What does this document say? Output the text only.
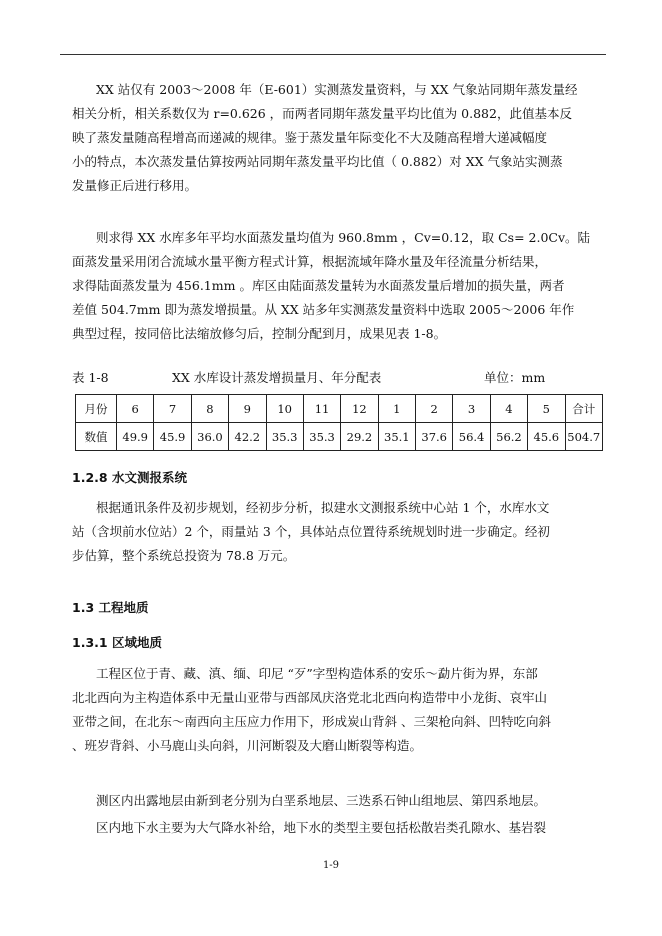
XX 站仅有 2003～2008 年（E-601）实测蒸发量资料，与 XX 气象站同期年蒸发量经
相关分析，相关系数仅为 r=0.626 ，而两者同期年蒸发量平均比值为 0.882，此值基本反
映了蒸发量随高程增高而递减的规律。鉴于蒸发量年际变化不大及随高程增大递减幅度
小的特点，本次蒸发量估算按两站同期年蒸发量平均比值（ 0.882）对 XX 气象站实测蒸
发量修正后进行移用。

则求得 XX 水库多年平均水面蒸发量均值为 960.8mm ，Cv=0.12，取 Cs= 2.0Cv。陆
面蒸发量采用闭合流域水量平衡方程式计算，根据流域年降水量及年径流量分析结果，
求得陆面蒸发量为 456.1mm 。库区由陆面蒸发量转为水面蒸发量后增加的损失量，两者
差值 504.7mm 即为蒸发增损量。从 XX 站多年实测蒸发量资料中选取 2005～2006 年作
典型过程，按同倍比法缩放修匀后，控制分配到月，成果见表 1-8。

表 1-8	XX 水库设计蒸发增损量月、年分配表	单位：mm
月份	6	7	8	9	10	11	12	1	2	3	4	5	合计
数值	49.9	45.9	36.0	42.2	35.3	35.3	29.2	35.1	37.6	56.4	56.2	45.6	504.7
1.2.8 水文测报系统

根据通讯条件及初步规划，经初步分析，拟建水文测报系统中心站 1 个，水库水文
站（含坝前水位站）2 个，雨量站 3 个，具体站点位置待系统规划时进一步确定。经初
步估算，整个系统总投资为 78.8 万元。

1.3 工程地质
1.3.1 区域地质

工程区位于青、藏、滇、缅、印尼 “歹”字型构造体系的安乐～勐片街为界，东部
北北西向为主构造体系中无量山亚带与西部凤庆洛党北北西向构造带中小龙街、哀牢山
亚带之间，在北东～南西向主压应力作用下，形成炭山背斜 、三架枪向斜、凹特吃向斜
、班岁背斜、小马鹿山头向斜，川河断裂及大磨山断裂等构造。

测区内出露地层由新到老分别为白垩系地层、三迭系石钟山组地层、第四系地层。

区内地下水主要为大气降水补给，地下水的类型主要包括松散岩类孔隙水、基岩裂

1-9
